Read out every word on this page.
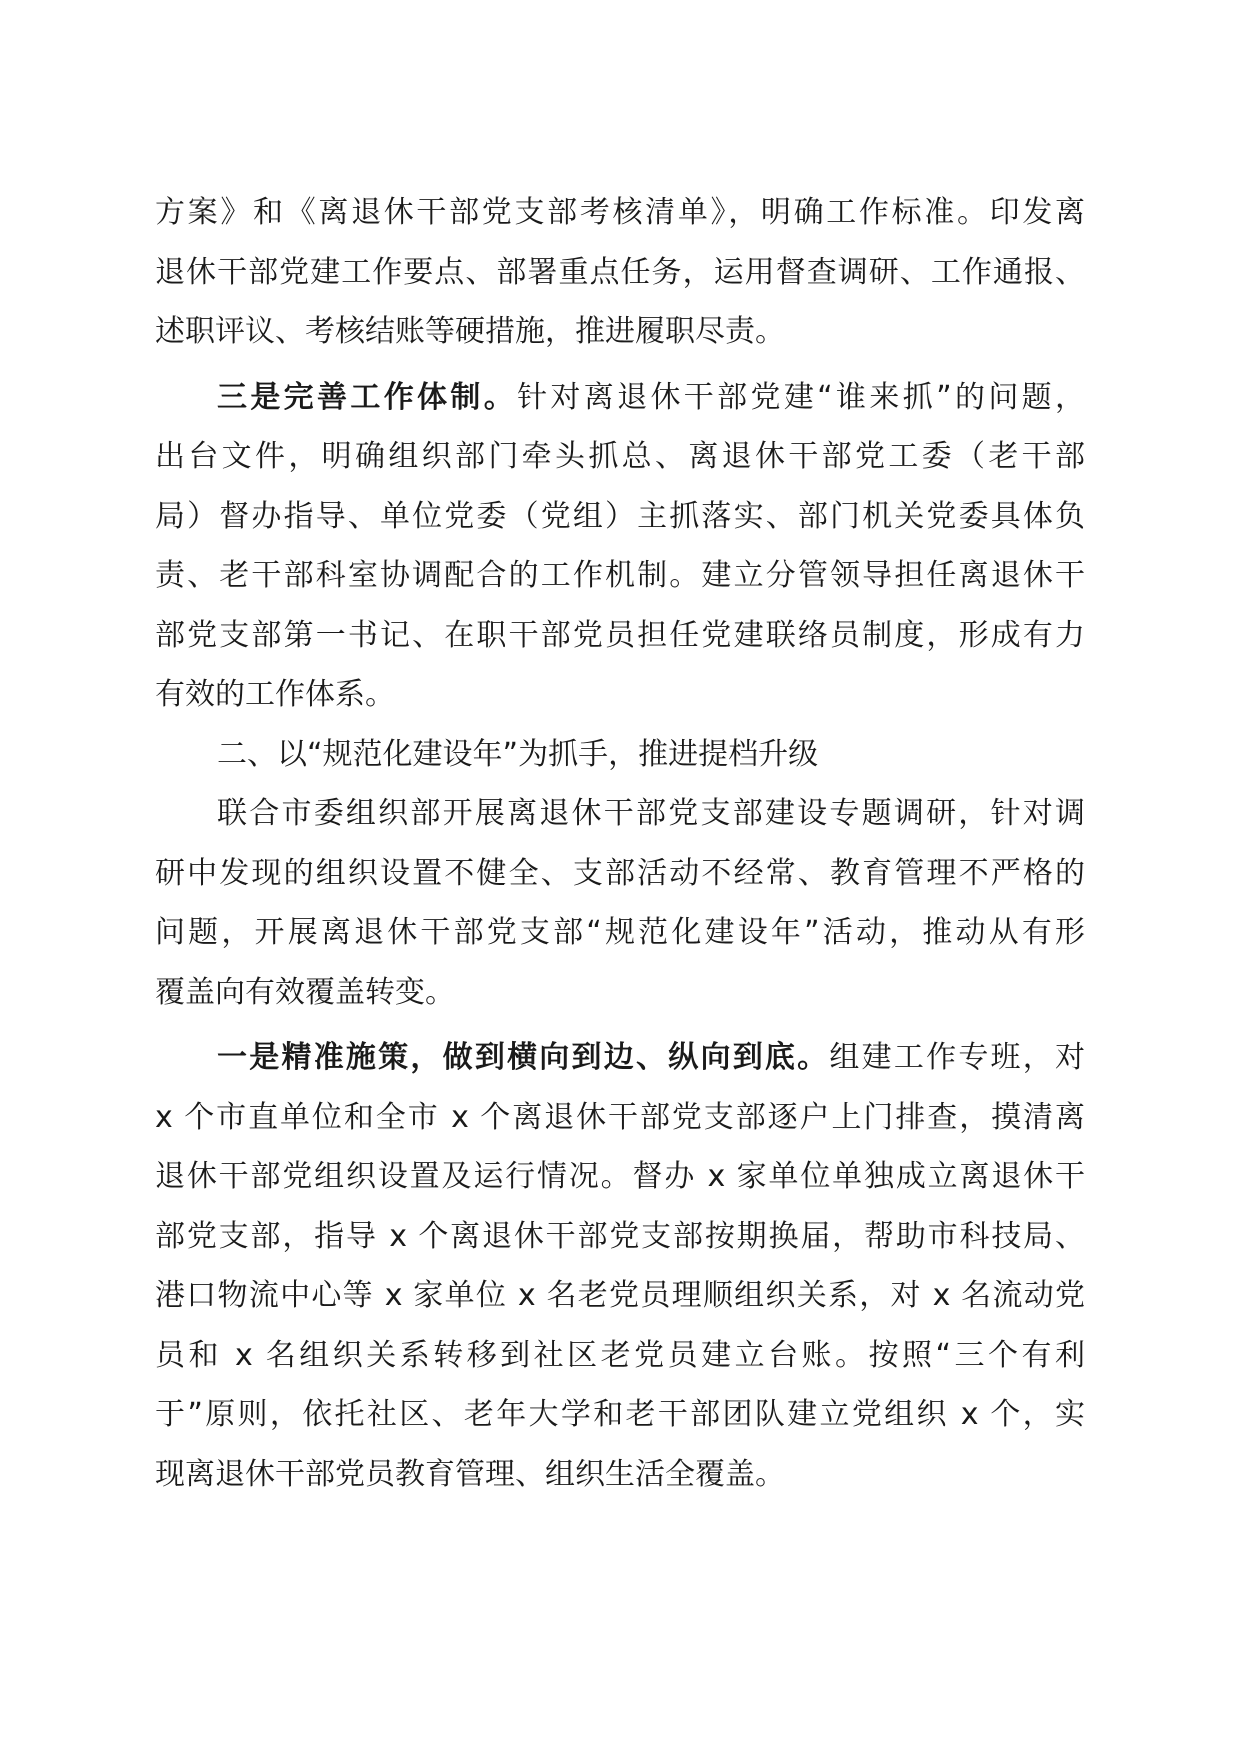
方案》和《离退休干部党支部考核清单》，明确工作标准。印发离
退休干部党建工作要点、部署重点任务，运用督查调研、工作通报、
述职评议、考核结账等硬措施，推进履职尽责。
三是完善工作体制。针对离退休干部党建“谁来抓”的问题，
出台文件，明确组织部门牵头抓总、离退休干部党工委（老干部
局）督办指导、单位党委（党组）主抓落实、部门机关党委具体负
责、老干部科室协调配合的工作机制。建立分管领导担任离退休干
部党支部第一书记、在职干部党员担任党建联络员制度，形成有力
有效的工作体系。
二、以“规范化建设年”为抓手，推进提档升级
联合市委组织部开展离退休干部党支部建设专题调研，针对调
研中发现的组织设置不健全、支部活动不经常、教育管理不严格的
问题，开展离退休干部党支部“规范化建设年”活动，推动从有形
覆盖向有效覆盖转变。
一是精准施策，做到横向到边、纵向到底。组建工作专班，对
x 个市直单位和全市 x 个离退休干部党支部逐户上门排查，摸清离
退休干部党组织设置及运行情况。督办 x 家单位单独成立离退休干
部党支部，指导 x 个离退休干部党支部按期换届，帮助市科技局、
港口物流中心等 x 家单位 x 名老党员理顺组织关系，对 x 名流动党
员和 x 名组织关系转移到社区老党员建立台账。按照“三个有利
于”原则，依托社区、老年大学和老干部团队建立党组织 x 个，实
现离退休干部党员教育管理、组织生活全覆盖。
